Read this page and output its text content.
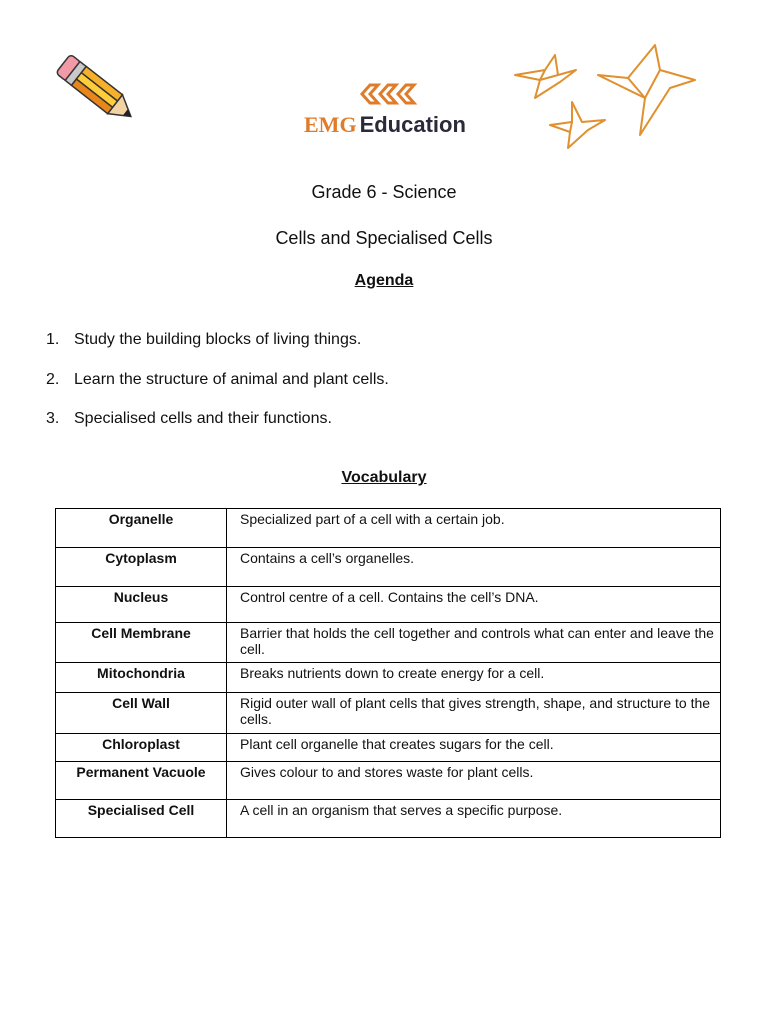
EMG Education
Grade 6 - Science
Cells and Specialised Cells
Agenda
1. Study the building blocks of living things.
2. Learn the structure of animal and plant cells.
3. Specialised cells and their functions.
Vocabulary
Organelle	Specialized part of a cell with a certain job.
Cytoplasm	Contains a cell’s organelles.
Nucleus	Control centre of a cell. Contains the cell’s DNA.
Cell Membrane	Barrier that holds the cell together and controls what can enter and leave the cell.
Mitochondria	Breaks nutrients down to create energy for a cell.
Cell Wall	Rigid outer wall of plant cells that gives strength, shape, and structure to the cells.
Chloroplast	Plant cell organelle that creates sugars for the cell.
Permanent Vacuole	Gives colour to and stores waste for plant cells.
Specialised Cell	A cell in an organism that serves a specific purpose.
